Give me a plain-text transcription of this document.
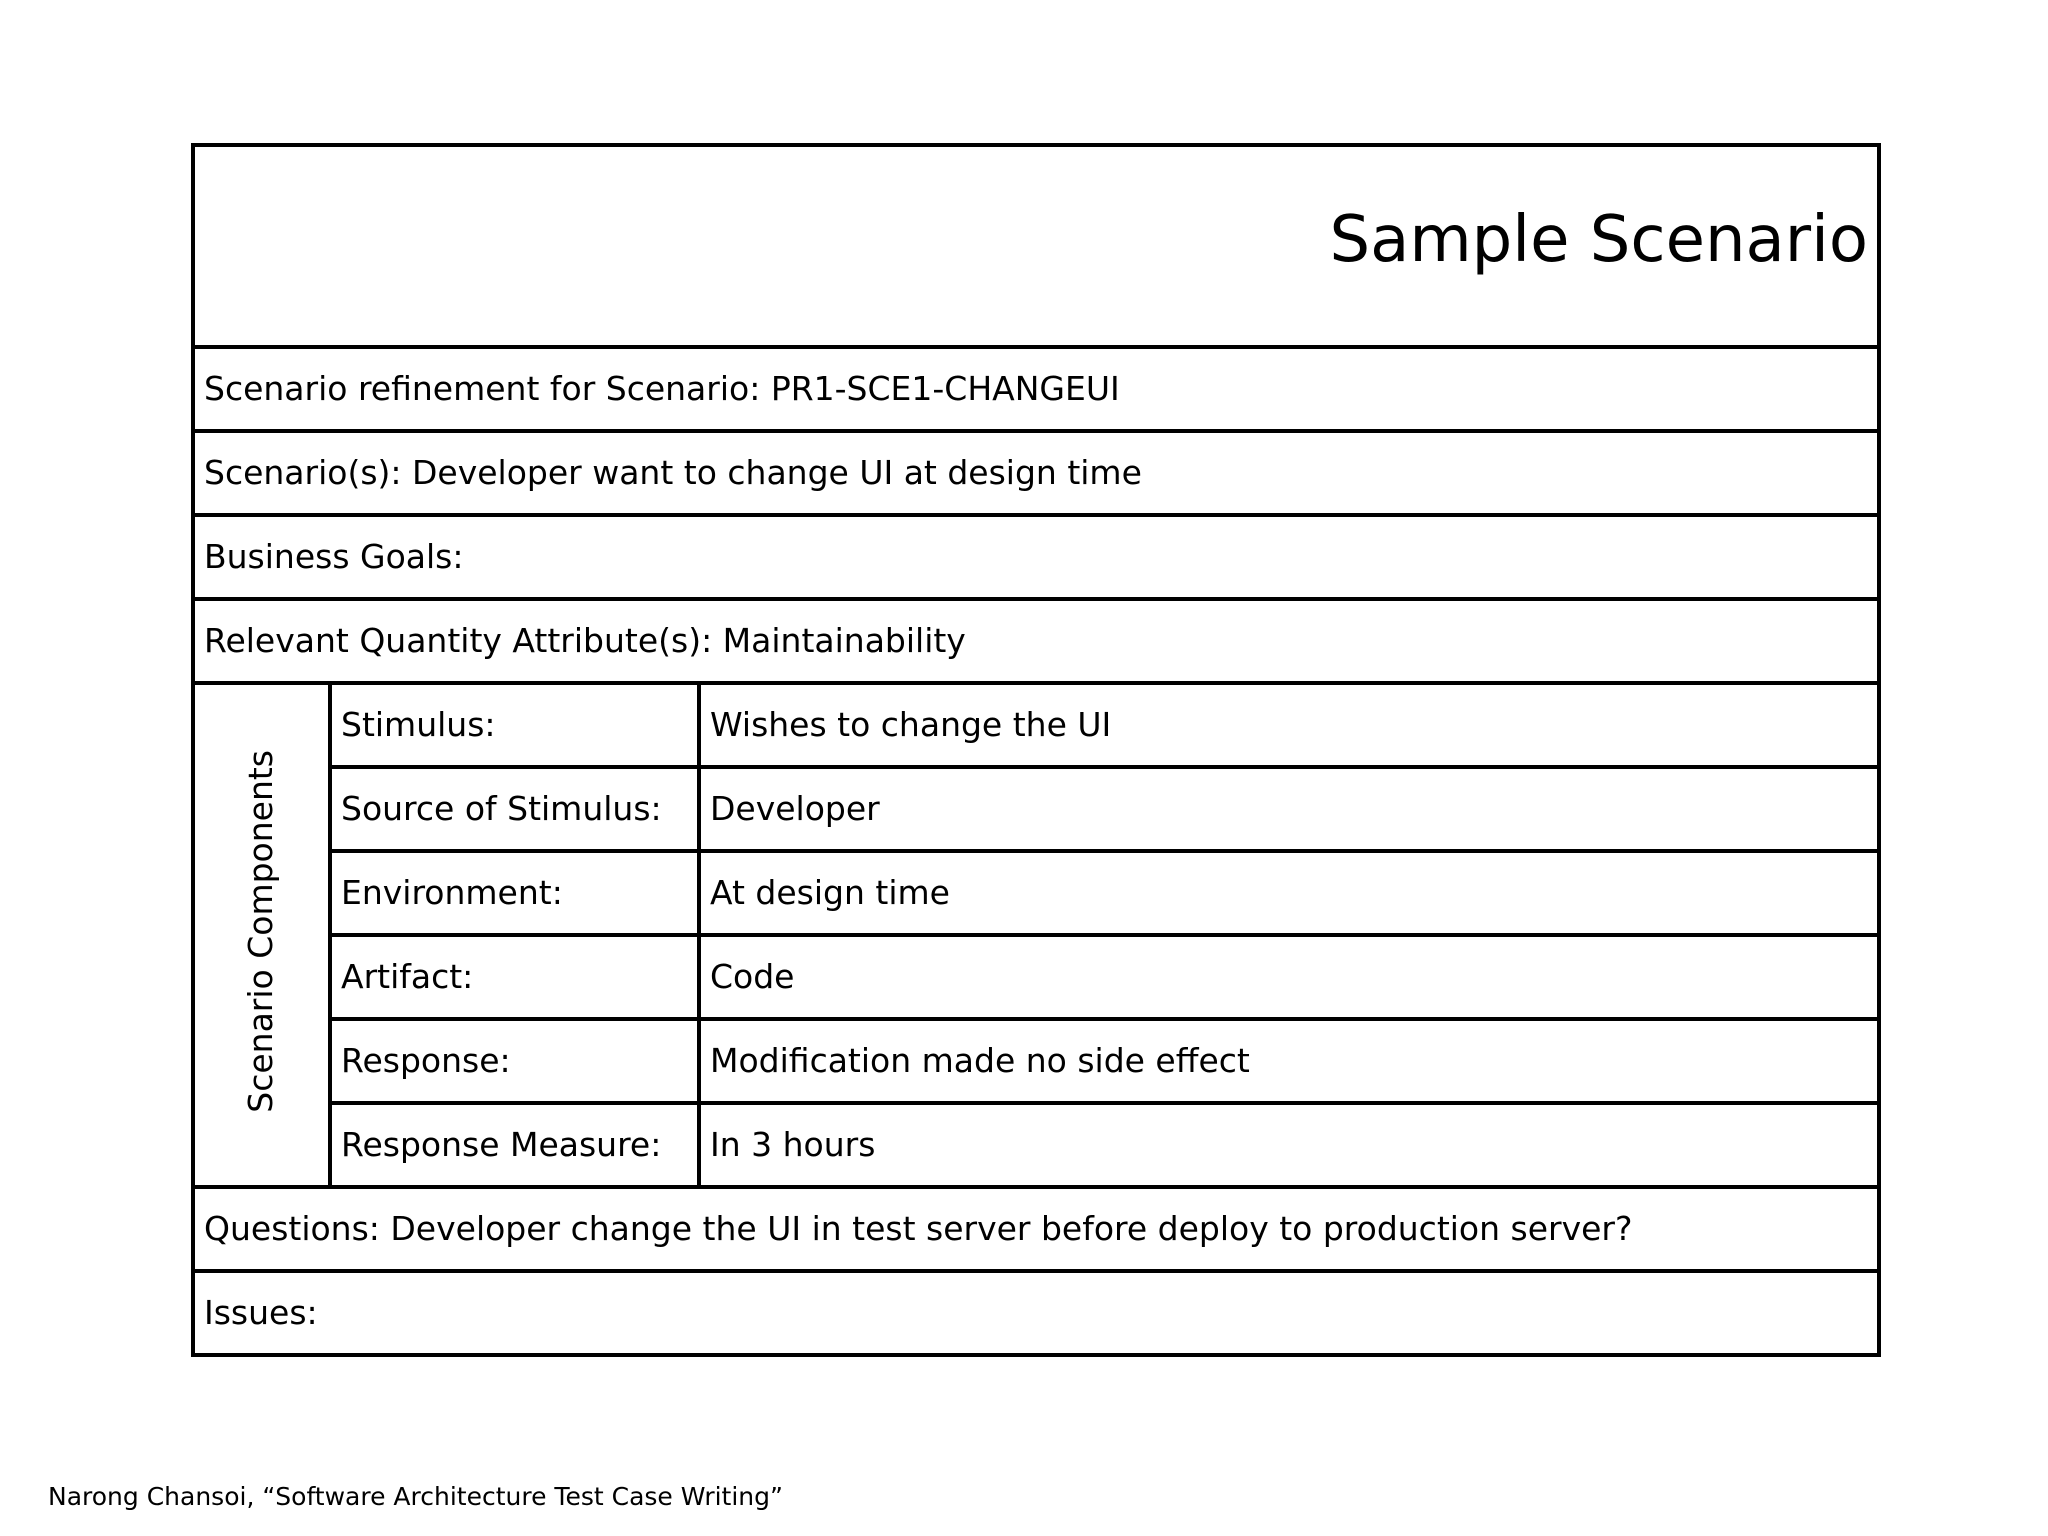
Sample Scenario		
Scenario refinement for Scenario: PR1-SCE1-CHANGEUI		
Scenario(s): Developer want to change UI at design time		
Business Goals:		
Relevant Quantity Attribute(s): Maintainability		
Scenario Components	Stimulus:	Wishes to change the UI
	Source of Stimulus:	Developer
	Environment:	At design time
	Artifact:	Code
	Response:	Modification made no side effect
	Response Measure:	In 3 hours
Questions: Developer change the UI in test server before deploy to production server?		
Issues:		
Narong Chansoi, “Software Architecture Test Case Writing”
